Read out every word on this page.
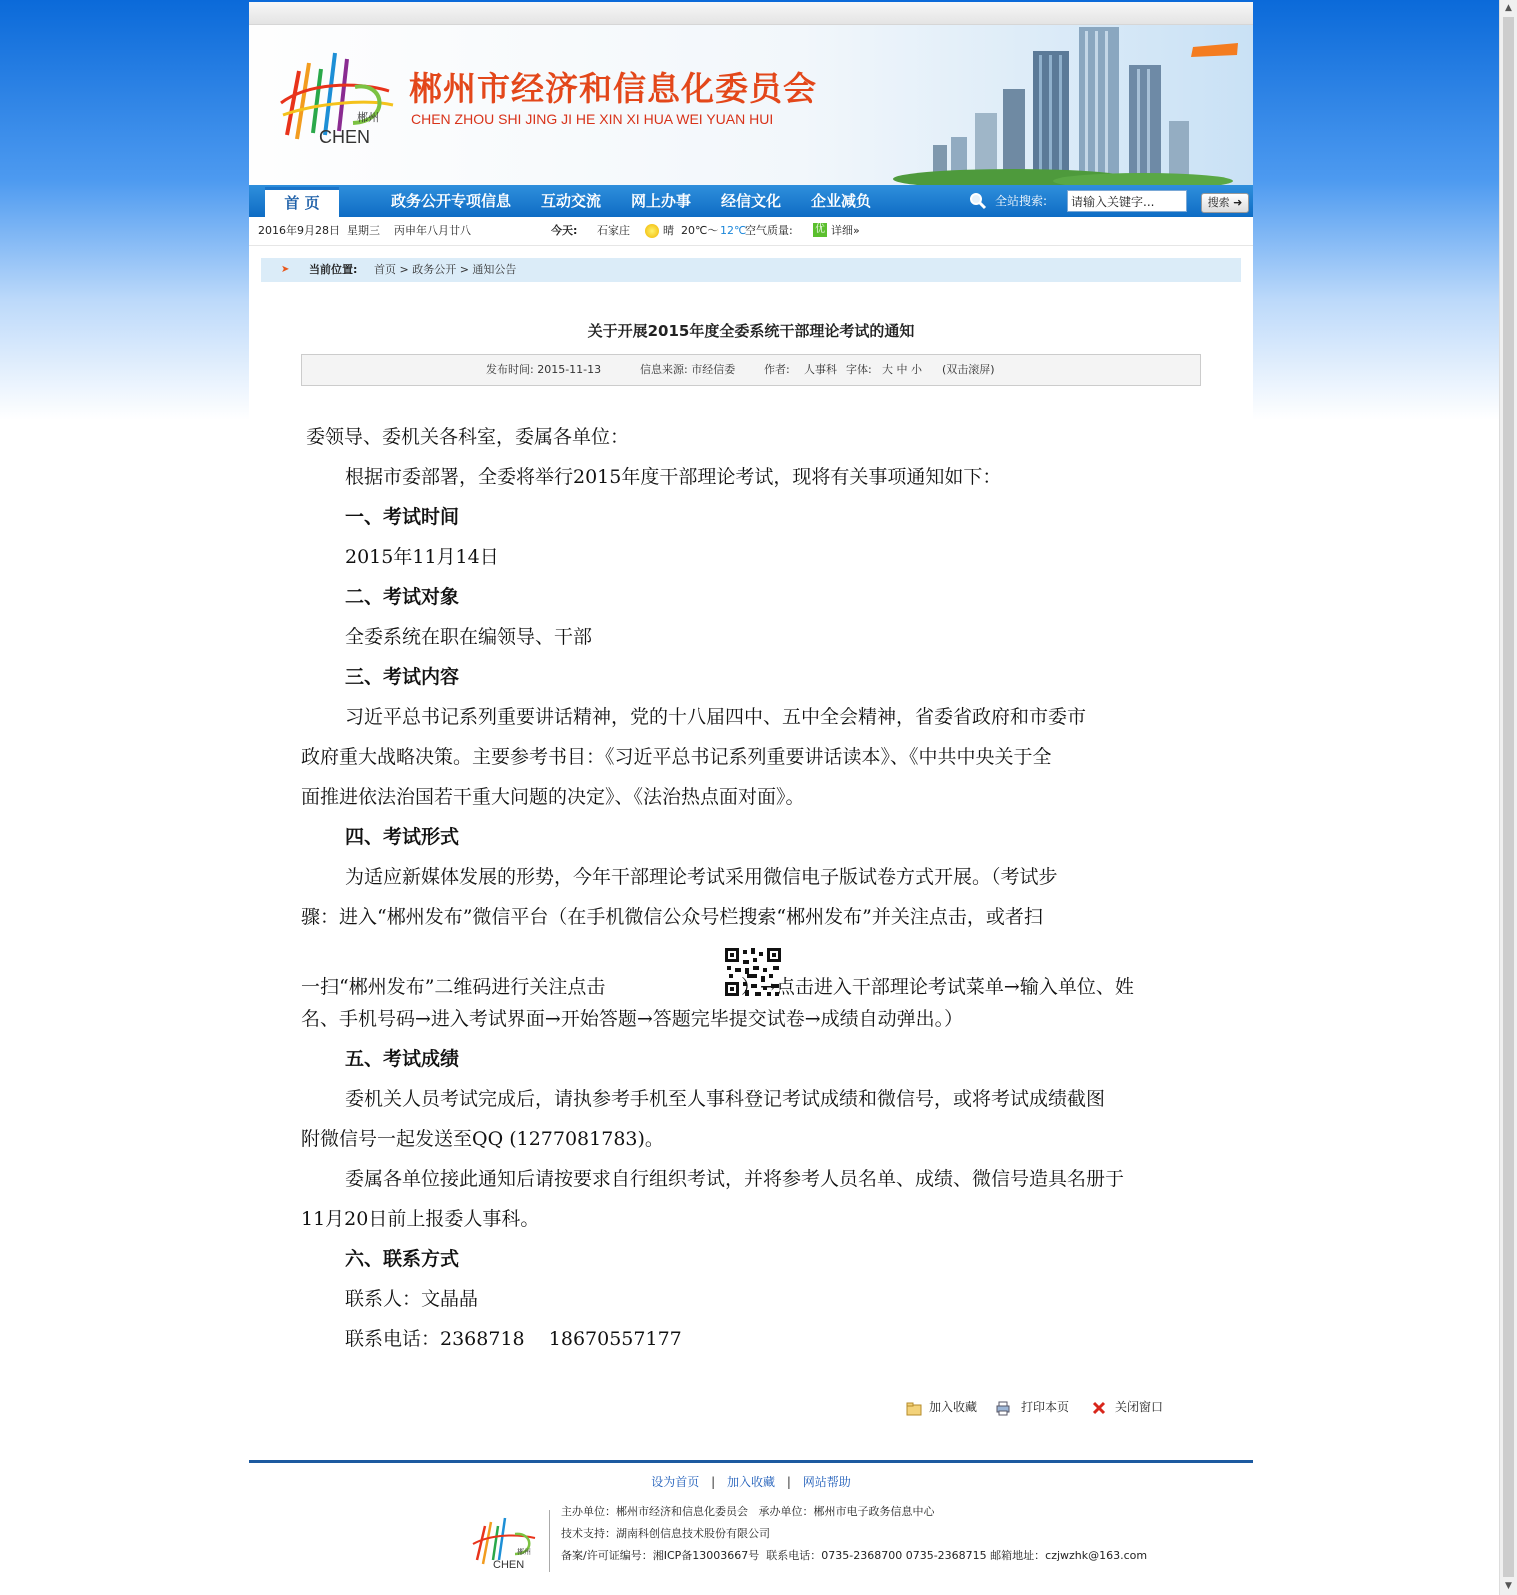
▲
▼
郴州
CHEN
郴州市经济和信息化委员会
CHEN ZHOU SHI JING JI HE XIN XI HUA WEI YUAN HUI
首 页	政务公开 专项信息 互动交流 网上办事 经信文化 企业减负	全站搜索:
请输入关键字...	搜索 ➜
2016年9月28日 星期三 丙申年八月廿八	今天: 石家庄	晴 20℃～ 12℃
空气质量: 优 详细»
➤ 当前位置: 首页 > 政务公开 > 通知公告
关于开展2015年度全委系统干部理论考试的通知
发布时间: 2015-11-13	信息来源: 市经信委	作者: 人事科 字体: 大 中 小 (双击滚屏)
委领导、委机关各科室，委属各单位：
根据市委部署，全委将举行2015年度干部理论考试，现将有关事项通知如下：
一、考试时间
2015年11月14日
二、考试对象
全委系统在职在编领导、干部
三、考试内容
习近平总书记系列重要讲话精神，党的十八届四中、五中全会精神，省委省政府和市委市
政府重大战略决策。主要参考书目：《习近平总书记系列重要讲话读本》、《中共中央关于全
面推进依法治国若干重大问题的决定》、《法治热点面对面》。
四、考试形式
为适应新媒体发展的形势，今年干部理论考试采用微信电子版试卷方式开展。（考试步
骤：进入“郴州发布”微信平台（在手机微信公众号栏搜索“郴州发布”并关注点击，或者扫
一扫“郴州发布”二维码进行关注点击	）→点击进入干部理论考试菜单→输入单位、姓
名、手机号码→进入考试界面→开始答题→答题完毕提交试卷→成绩自动弹出。）
五、考试成绩
委机关人员考试完成后，请执参考手机至人事科登记考试成绩和微信号，或将考试成绩截图
附微信号一起发送至QQ (1277081783)。
委属各单位接此通知后请按要求自行组织考试，并将参考人员名单、成绩、微信号造具名册于
11月20日前上报委人事科。
六、联系方式
联系人：文晶晶
联系电话：2368718    18670557177
加入收藏	打印本页	关闭窗口
设为首页 | 加入收藏 | 网站帮助
郴州
CHEN
主办单位：郴州市经济和信息化委员会   承办单位：郴州市电子政务信息中心
技术支持：湖南科创信息技术股份有限公司
备案/许可证编号：湘ICP备13003667号  联系电话：0735-2368700 0735-2368715 邮箱地址：czjwzhk@163.com
